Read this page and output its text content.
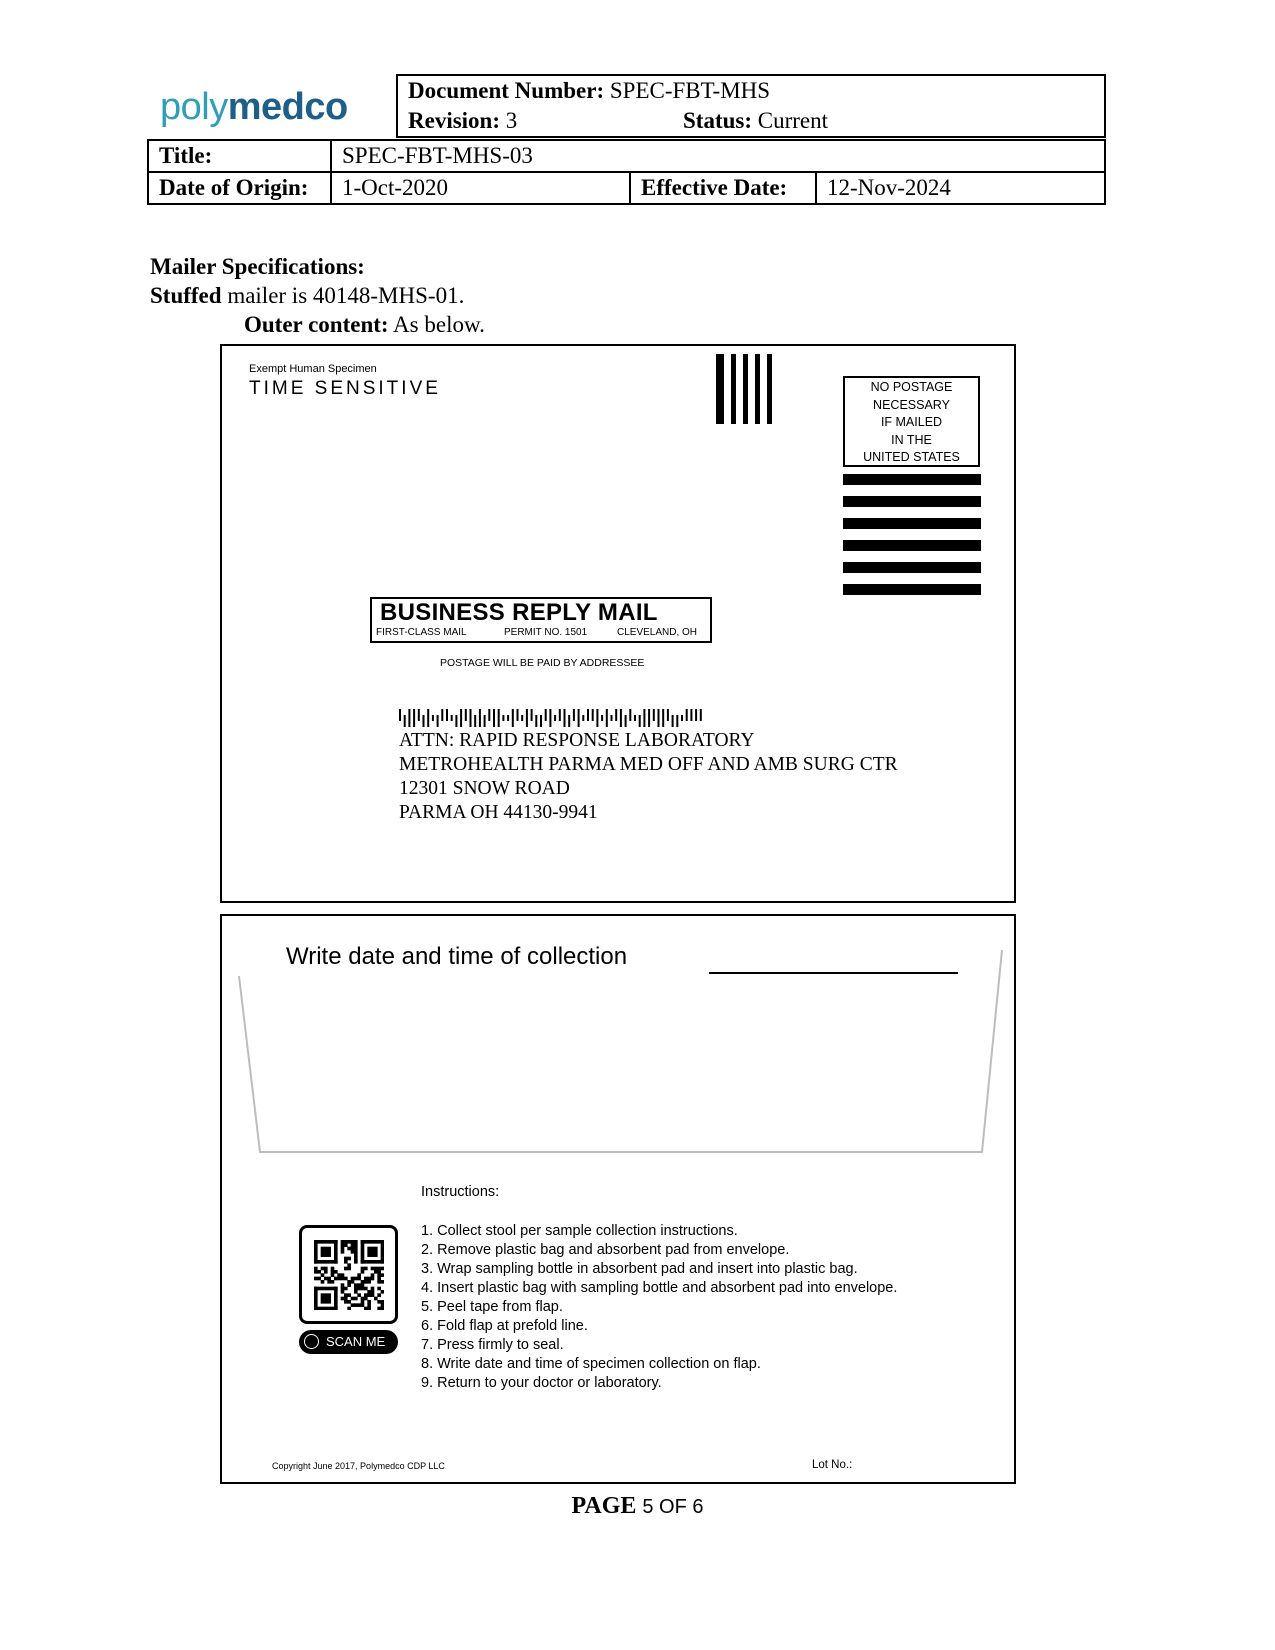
polymedco	Document Number: SPEC-FBT-MHS
Revision: 3	Status: Current
Title:	SPEC-FBT-MHS-03		
Date of Origin:	1-Oct-2020	Effective Date:	12-Nov-2024
Mailer Specifications:
Stuffed mailer is 40148-MHS-01.
Outer content: As below.
Exempt Human Specimen
TIME SENSITIVE	NO POSTAGE
NECESSARY
IF MAILED
IN THE
UNITED STATES
BUSINESS REPLY MAIL
FIRST-CLASS MAIL	PERMIT NO. 1501	CLEVELAND, OH
POSTAGE WILL BE PAID BY ADDRESSEE
ATTN: RAPID RESPONSE LABORATORY
METROHEALTH PARMA MED OFF AND AMB SURG CTR
12301 SNOW ROAD
PARMA OH 44130-9941
Write date and time of collection
Instructions:
SCAN ME
1. Collect stool per sample collection instructions.
2. Remove plastic bag and absorbent pad from envelope.
3. Wrap sampling bottle in absorbent pad and insert into plastic bag.
4. Insert plastic bag with sampling bottle and absorbent pad into envelope.
5. Peel tape from flap.
6. Fold flap at prefold line.
7. Press firmly to seal.
8. Write date and time of specimen collection on flap.
9. Return to your doctor or laboratory.
Copyright June 2017, Polymedco CDP LLC	Lot No.:
PAGE 5 OF 6
